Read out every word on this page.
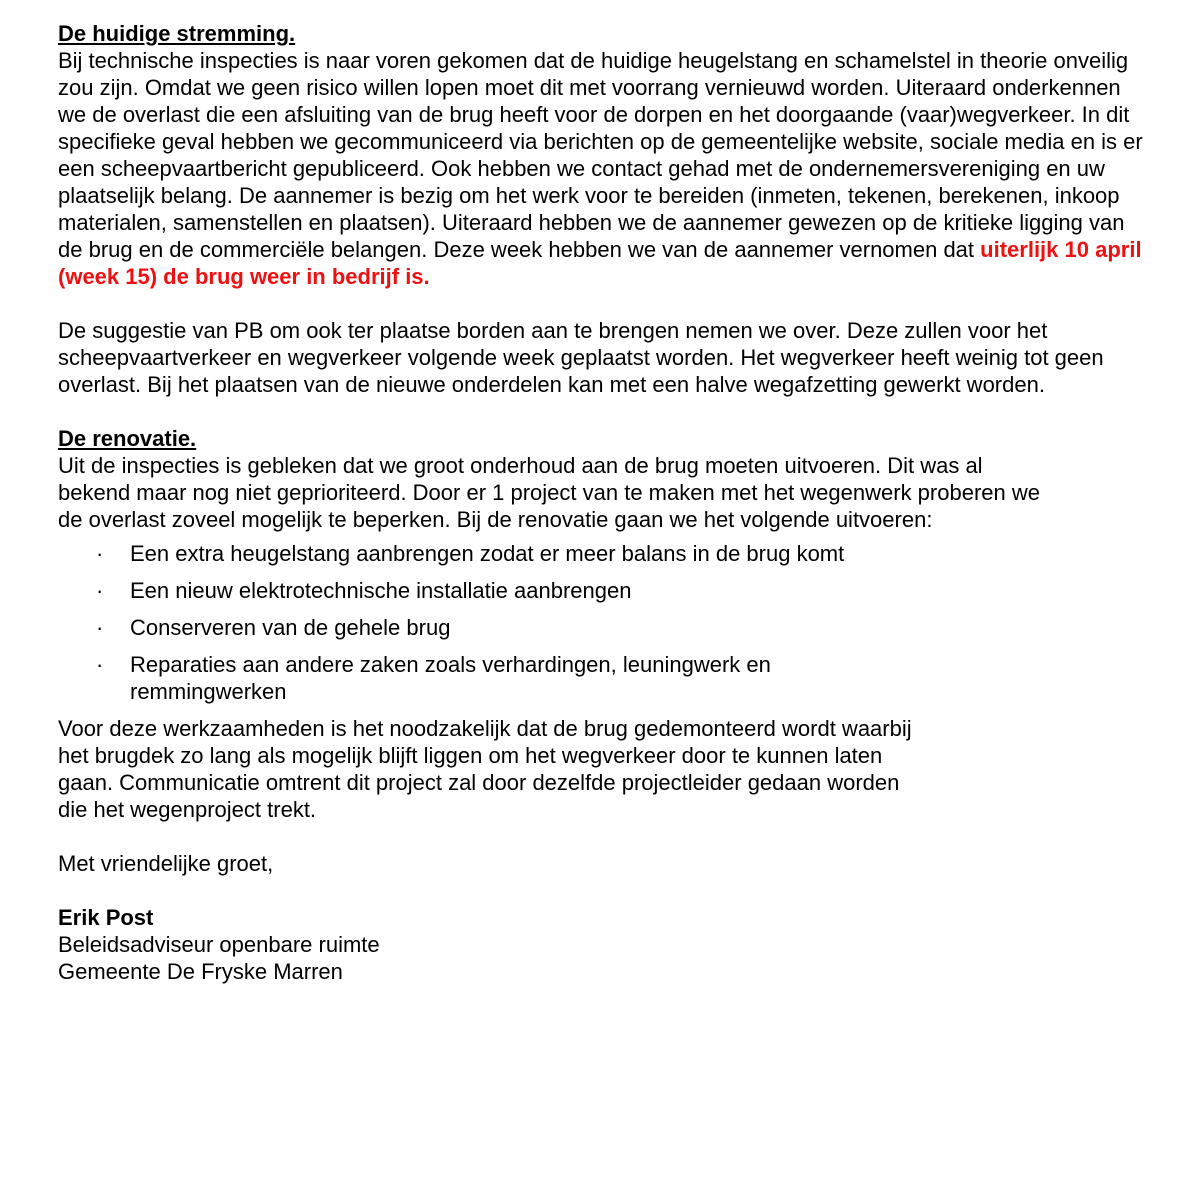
De huidige stremming.

Bij technische inspecties is naar voren gekomen dat de huidige heugelstang en schamelstel in theorie onveilig zou zijn. Omdat we geen risico willen lopen moet dit met voorrang vernieuwd worden. Uiteraard onderkennen we de overlast die een afsluiting van de brug heeft voor de dorpen en het doorgaande (vaar)wegverkeer. In dit specifieke geval hebben we gecommuniceerd via berichten op de gemeentelijke website, sociale media en is er een scheepvaartbericht gepubliceerd. Ook hebben we contact gehad met de ondernemersvereniging en uw plaatselijk belang. De aannemer is bezig om het werk voor te bereiden (inmeten, tekenen, berekenen, inkoop materialen, samenstellen en plaatsen). Uiteraard hebben we de aannemer gewezen op de kritieke ligging van de brug en de commerciële belangen. Deze week hebben we van de aannemer vernomen dat uiterlijk 10 april (week 15) de brug weer in bedrijf is.

De suggestie van PB om ook ter plaatse borden aan te brengen nemen we over. Deze zullen voor het scheepvaartverkeer en wegverkeer volgende week geplaatst worden. Het wegverkeer heeft weinig tot geen overlast. Bij het plaatsen van de nieuwe onderdelen kan met een halve wegafzetting gewerkt worden.

De renovatie.

Uit de inspecties is gebleken dat we groot onderhoud aan de brug moeten uitvoeren. Dit was al bekend maar nog niet geprioriteerd. Door er 1 project van te maken met het wegenwerk proberen we de overlast zoveel mogelijk te beperken. Bij de renovatie gaan we het volgende uitvoeren:

· Een extra heugelstang aanbrengen zodat er meer balans in de brug komt
· Een nieuw elektrotechnische installatie aanbrengen
· Conserveren van de gehele brug
· Reparaties aan andere zaken zoals verhardingen, leuningwerk en remmingwerken

Voor deze werkzaamheden is het noodzakelijk dat de brug gedemonteerd wordt waarbij het brugdek zo lang als mogelijk blijft liggen om het wegverkeer door te kunnen laten gaan. Communicatie omtrent dit project zal door dezelfde projectleider gedaan worden die het wegenproject trekt.

Met vriendelijke groet,

Erik Post

Beleidsadviseur openbare ruimte

Gemeente De Fryske Marren
